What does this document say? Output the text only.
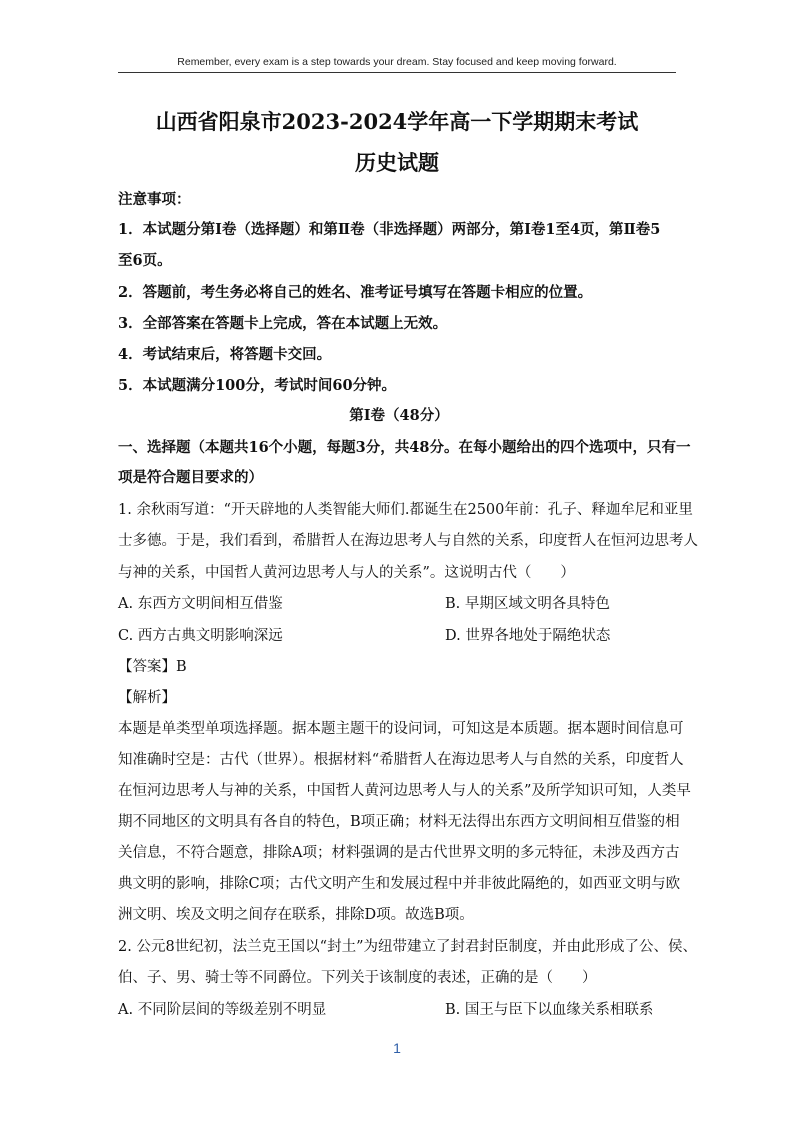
Remember, every exam is a step towards your dream. Stay focused and keep moving forward.
山西省阳泉市2023-2024学年高一下学期期末考试
历史试题
注意事项：
1．本试题分第Ⅰ卷（选择题）和第Ⅱ卷（非选择题）两部分，第Ⅰ卷1至4页，第Ⅱ卷5
至6页。
2．答题前，考生务必将自己的姓名、准考证号填写在答题卡相应的位置。
3．全部答案在答题卡上完成，答在本试题上无效。
4．考试结束后，将答题卡交回。
5．本试题满分100分，考试时间60分钟。
第Ⅰ卷（48分）
一、选择题（本题共16个小题，每题3分，共48分。在每小题给出的四个选项中，只有一
项是符合题目要求的）
1. 余秋雨写道：“开天辟地的人类智能大师们.都诞生在2500年前：孔子、释迦牟尼和亚里
士多德。于是，我们看到，希腊哲人在海边思考人与自然的关系，印度哲人在恒河边思考人
与神的关系，中国哲人黄河边思考人与人的关系”。这说明古代（　　）
A. 东西方文明间相互借鉴	B. 早期区域文明各具特色
C. 西方古典文明影响深远	D. 世界各地处于隔绝状态
【答案】B
【解析】
本题是单类型单项选择题。据本题主题干的设问词，可知这是本质题。据本题时间信息可
知准确时空是：古代（世界）。根据材料“希腊哲人在海边思考人与自然的关系，印度哲人
在恒河边思考人与神的关系，中国哲人黄河边思考人与人的关系”及所学知识可知，人类早
期不同地区的文明具有各自的特色，B项正确；材料无法得出东西方文明间相互借鉴的相
关信息，不符合题意，排除A项；材料强调的是古代世界文明的多元特征，未涉及西方古
典文明的影响，排除C项；古代文明产生和发展过程中并非彼此隔绝的，如西亚文明与欧
洲文明、埃及文明之间存在联系，排除D项。故选B项。
2. 公元8世纪初，法兰克王国以“封土”为纽带建立了封君封臣制度，并由此形成了公、侯、
伯、子、男、骑士等不同爵位。下列关于该制度的表述，正确的是（　　）
A. 不同阶层间的等级差别不明显	B. 国王与臣下以血缘关系相联系
1
